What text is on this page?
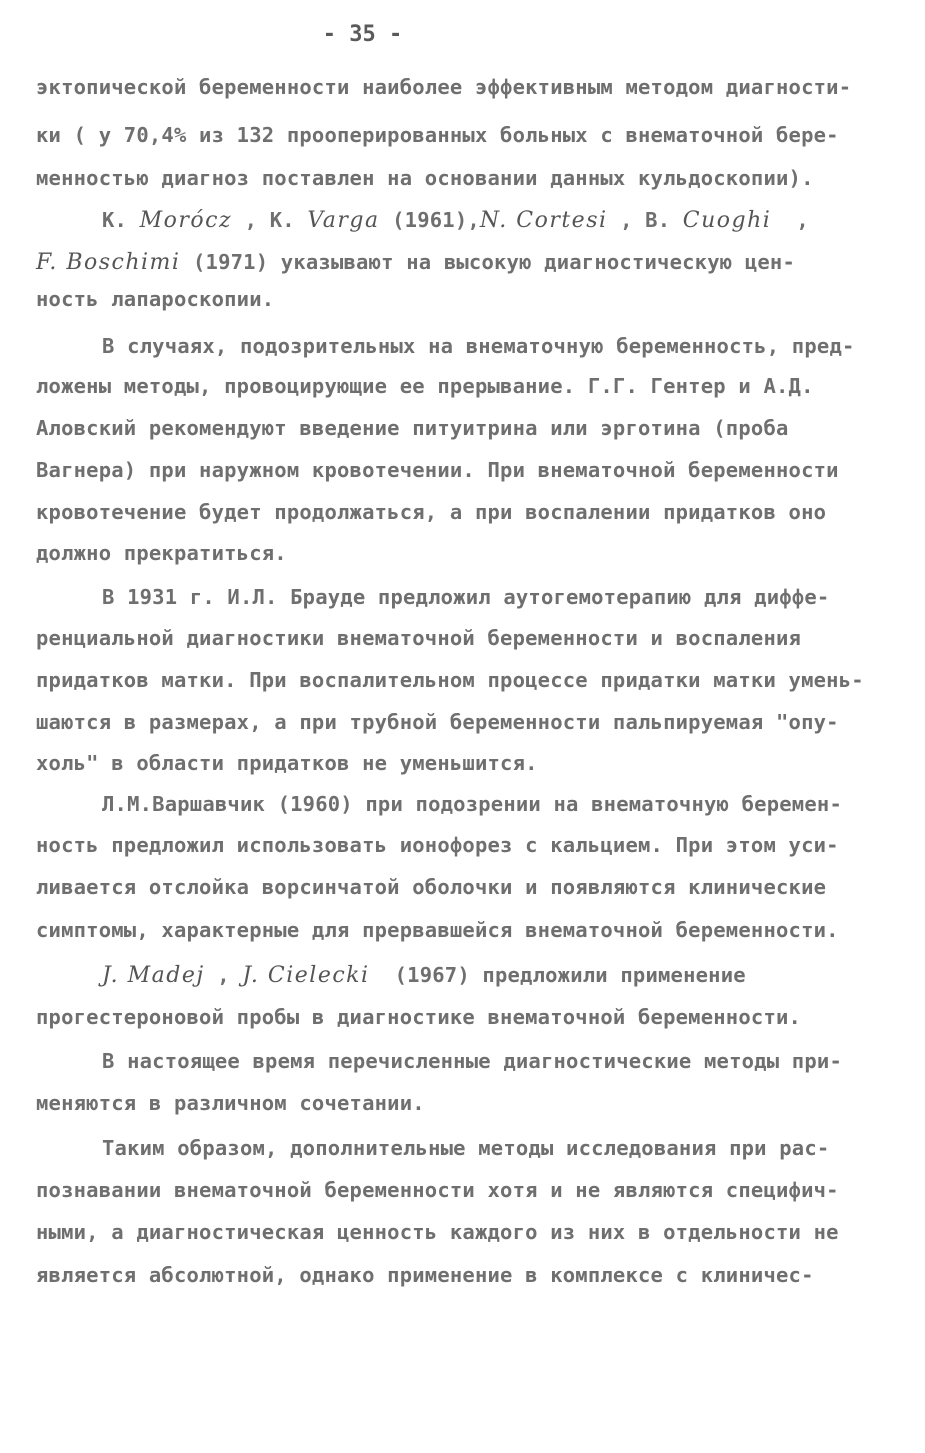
- 35 -
эктопической беременности наиболее эффективным методом диагности-
ки ( у 70,4% из 132 прооперированных больных с внематочной бере-
менностью диагноз поставлен на основании данных кульдоскопии).
К. Morócz , К. Varga (1961),N. Cortesi , В. Cuoghi  ,
F. Boschimi (1971) указывают на высокую диагностическую цен-
ность лапароскопии.
В случаях, подозрительных на внематочную беременность, пред-
ложены методы, провоцирующие ее прерывание. Г.Г. Гентер и А.Д.
Аловский рекомендуют введение питуитрина или эрготина (проба
Вагнера) при наружном кровотечении. При внематочной беременности
кровотечение будет продолжаться, а при воспалении придатков оно
должно прекратиться.
В 1931 г. И.Л. Брауде предложил аутогемотерапию для диффе-
ренциальной диагностики внематочной беременности и воспаления
придатков матки. При воспалительном процессе придатки матки умень-
шаются в размерах, а при трубной беременности пальпируемая "опу-
холь" в области придатков не уменьшится.
Л.М.Варшавчик (1960) при подозрении на внематочную беремен-
ность предложил использовать ионофорез с кальцием. При этом уси-
ливается отслойка ворсинчатой оболочки и появляются клинические
симптомы, характерные для прервавшейся внематочной беременности.
J. Madej , J. Cielecki  (1967) предложили применение
прогестероновой пробы в диагностике внематочной беременности.
В настоящее время перечисленные диагностические методы при-
меняются в различном сочетании.
Таким образом, дополнительные методы исследования при рас-
познавании внематочной беременности хотя и не являются специфич-
ными, а диагностическая ценность каждого из них в отдельности не
является абсолютной, однако применение в комплексе с клиничес-
